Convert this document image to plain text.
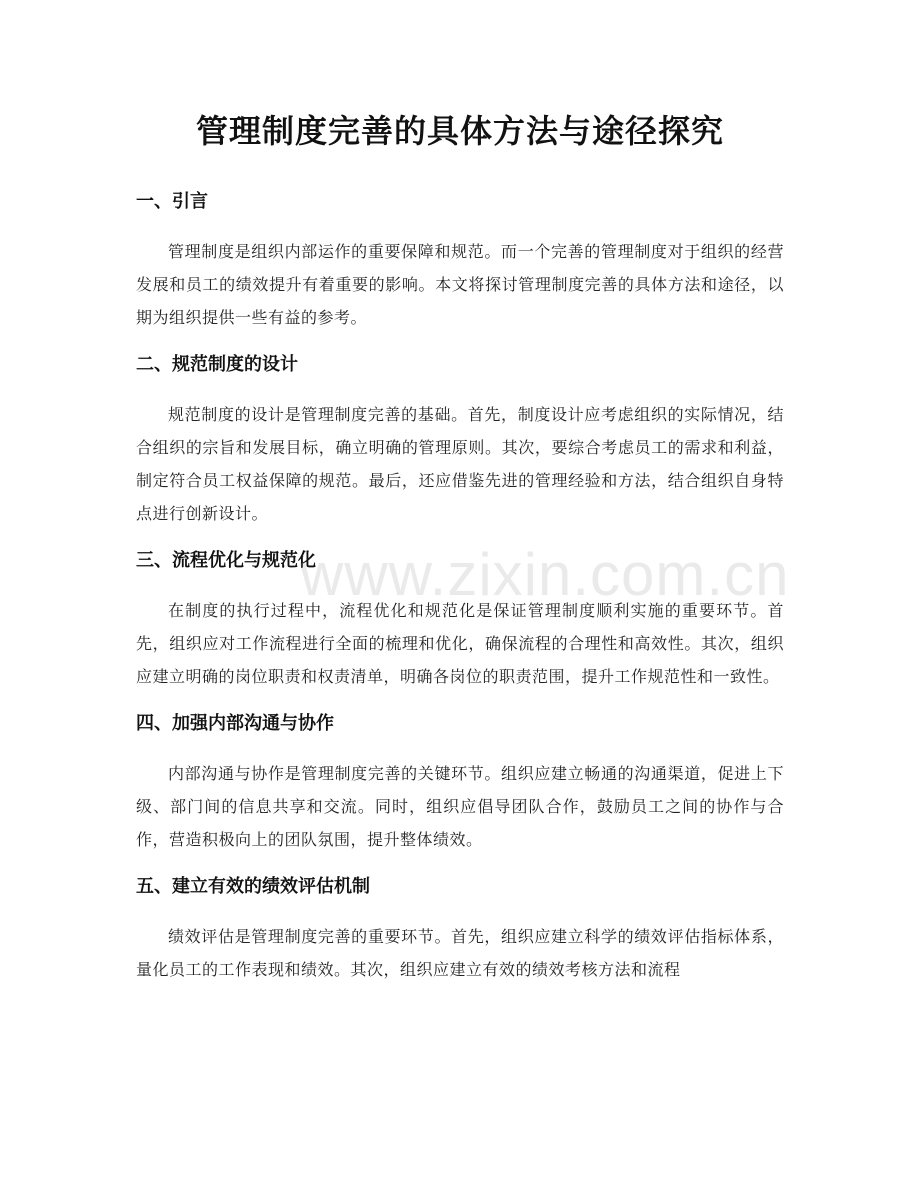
管理制度完善的具体方法与途径探究
一、引言

管理制度是组织内部运作的重要保障和规范。而一个完善的管理制度对于组织的经营发展和员工的绩效提升有着重要的影响。本文将探讨管理制度完善的具体方法和途径，以期为组织提供一些有益的参考。

二、规范制度的设计

规范制度的设计是管理制度完善的基础。首先，制度设计应考虑组织的实际情况，结合组织的宗旨和发展目标，确立明确的管理原则。其次，要综合考虑员工的需求和利益，制定符合员工权益保障的规范。最后，还应借鉴先进的管理经验和方法，结合组织自身特点进行创新设计。

三、流程优化与规范化

在制度的执行过程中，流程优化和规范化是保证管理制度顺利实施的重要环节。首先，组织应对工作流程进行全面的梳理和优化，确保流程的合理性和高效性。其次，组织应建立明确的岗位职责和权责清单，明确各岗位的职责范围，提升工作规范性和一致性。

四、加强内部沟通与协作

内部沟通与协作是管理制度完善的关键环节。组织应建立畅通的沟通渠道，促进上下级、部门间的信息共享和交流。同时，组织应倡导团队合作，鼓励员工之间的协作与合作，营造积极向上的团队氛围，提升整体绩效。

五、建立有效的绩效评估机制

绩效评估是管理制度完善的重要环节。首先，组织应建立科学的绩效评估指标体系，量化员工的工作表现和绩效。其次，组织应建立有效的绩效考核方法和流程

www.zixin.com.cn
